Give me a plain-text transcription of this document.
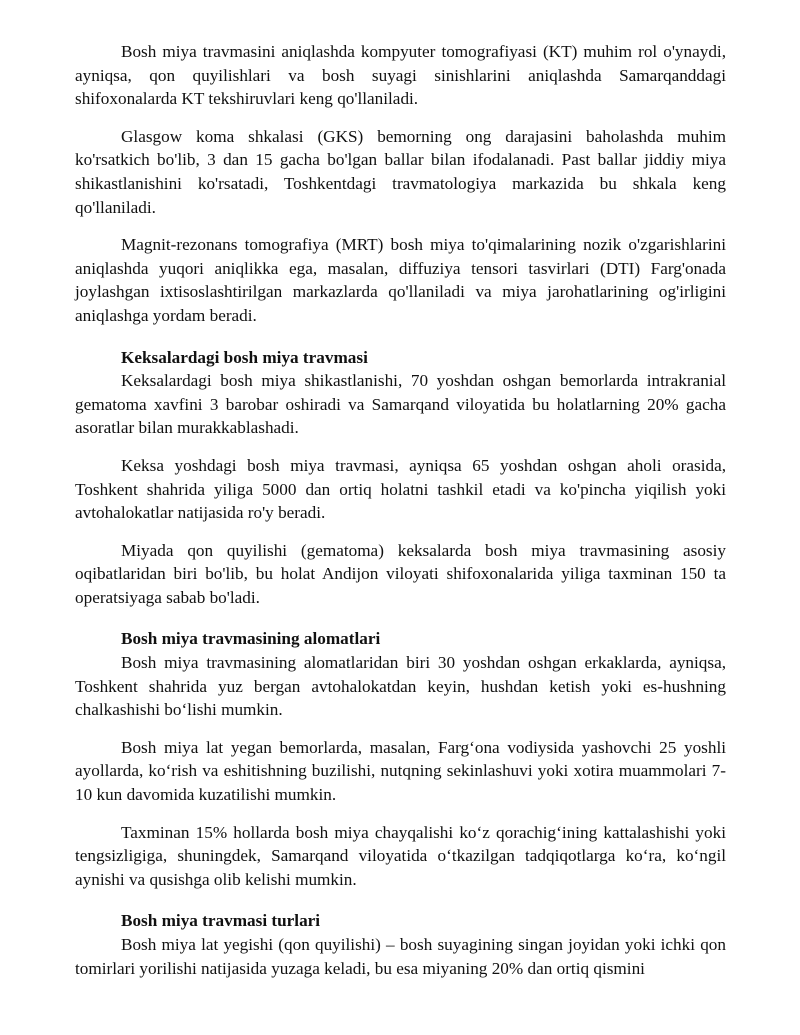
Bosh miya travmasini aniqlashda kompyuter tomografiyasi (KT) muhim rol o'ynaydi, ayniqsa, qon quyilishlari va bosh suyagi sinishlarini aniqlashda Samarqanddagi shifoxonalarda KT tekshiruvlari keng qo'llaniladi.

Glasgow koma shkalasi (GKS) bemorning ong darajasini baholashda muhim ko'rsatkich bo'lib, 3 dan 15 gacha bo'lgan ballar bilan ifodalanadi. Past ballar jiddiy miya shikastlanishini ko'rsatadi, Toshkentdagi travmatologiya markazida bu shkala keng qo'llaniladi.

Magnit-rezonans tomografiya (MRT) bosh miya to'qimalarining nozik o'zgarishlarini aniqlashda yuqori aniqlikka ega, masalan, diffuziya tensori tasvirlari (DTI) Farg'onada joylashgan ixtisoslashtirilgan markazlarda qo'llaniladi va miya jarohatlarining og'irligini aniqlashga yordam beradi.

Keksalardagi bosh miya travmasi

Keksalardagi bosh miya shikastlanishi, 70 yoshdan oshgan bemorlarda intrakranial gematoma xavfini 3 barobar oshiradi va Samarqand viloyatida bu holatlarning 20% gacha asoratlar bilan murakkablashadi.

Keksa yoshdagi bosh miya travmasi, ayniqsa 65 yoshdan oshgan aholi orasida, Toshkent shahrida yiliga 5000 dan ortiq holatni tashkil etadi va ko'pincha yiqilish yoki avtohalokatlar natijasida ro'y beradi.

Miyada qon quyilishi (gematoma) keksalarda bosh miya travmasining asosiy oqibatlaridan biri bo'lib, bu holat Andijon viloyati shifoxonalarida yiliga taxminan 150 ta operatsiyaga sabab bo'ladi.

Bosh miya travmasining alomatlari

Bosh miya travmasining alomatlaridan biri 30 yoshdan oshgan erkaklarda, ayniqsa, Toshkent shahrida yuz bergan avtohalokatdan keyin, hushdan ketish yoki es-hushning chalkashishi bo‘lishi mumkin.

Bosh miya lat yegan bemorlarda, masalan, Farg‘ona vodiysida yashovchi 25 yoshli ayollarda, ko‘rish va eshitishning buzilishi, nutqning sekinlashuvi yoki xotira muammolari 7-10 kun davomida kuzatilishi mumkin.

Taxminan 15% hollarda bosh miya chayqalishi ko‘z qorachig‘ining kattalashishi yoki tengsizligiga, shuningdek, Samarqand viloyatida o‘tkazilgan tadqiqotlarga ko‘ra, ko‘ngil aynishi va qusishga olib kelishi mumkin.

Bosh miya travmasi turlari

Bosh miya lat yegishi (qon quyilishi) – bosh suyagining singan joyidan yoki ichki qon tomirlari yorilishi natijasida yuzaga keladi, bu esa miyaning 20% dan ortiq qismini
